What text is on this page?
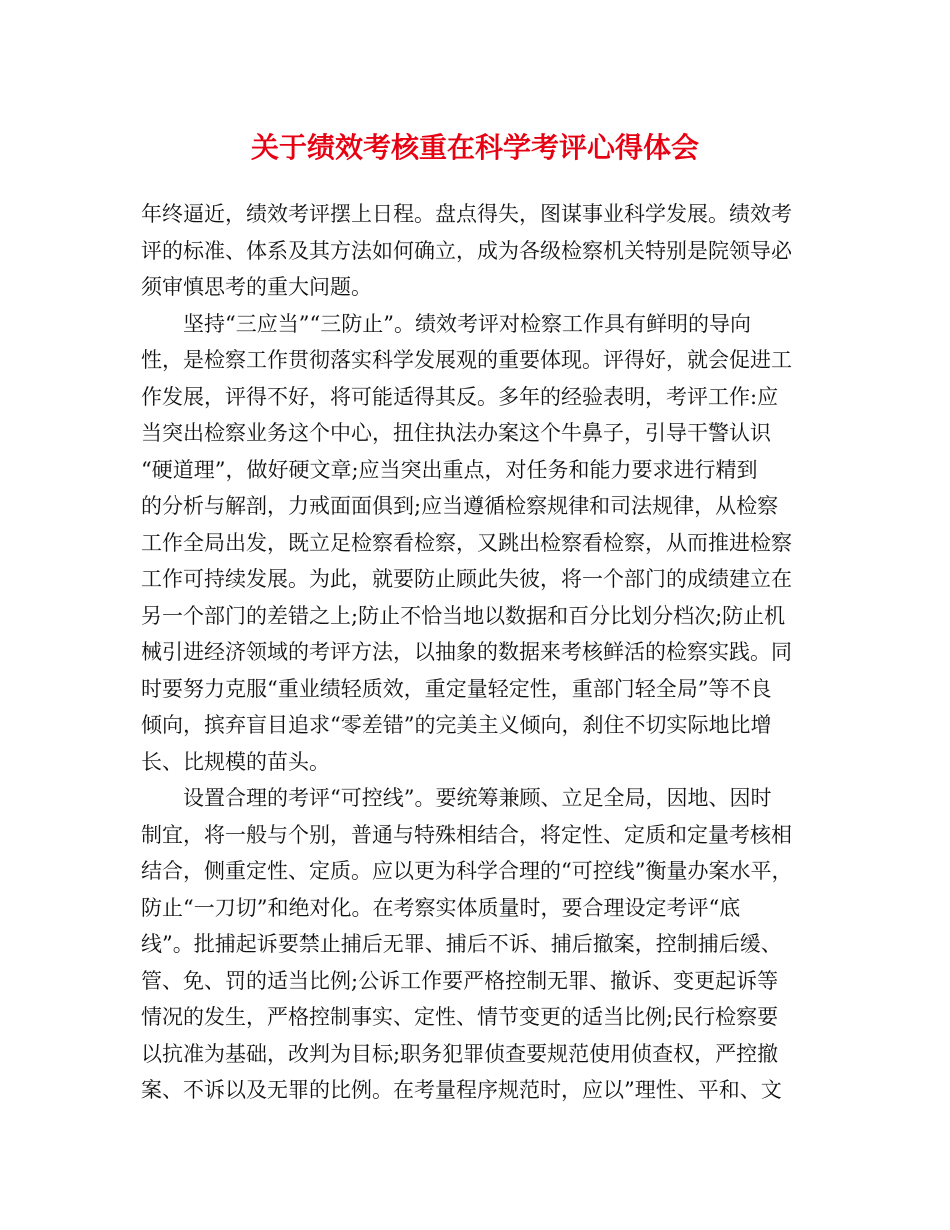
关于绩效考核重在科学考评心得体会
年终逼近，绩效考评摆上日程。盘点得失，图谋事业科学发展。绩效考
评的标准、体系及其方法如何确立，成为各级检察机关特别是院领导必
须审慎思考的重大问题。
　　坚持“三应当”“三防止”。绩效考评对检察工作具有鲜明的导向
性，是检察工作贯彻落实科学发展观的重要体现。评得好，就会促进工
作发展，评得不好，将可能适得其反。多年的经验表明，考评工作:应
当突出检察业务这个中心，扭住执法办案这个牛鼻子，引导干警认识
“硬道理”，做好硬文章;应当突出重点，对任务和能力要求进行精到
的分析与解剖，力戒面面俱到;应当遵循检察规律和司法规律，从检察
工作全局出发，既立足检察看检察，又跳出检察看检察，从而推进检察
工作可持续发展。为此，就要防止顾此失彼，将一个部门的成绩建立在
另一个部门的差错之上;防止不恰当地以数据和百分比划分档次;防止机
械引进经济领域的考评方法，以抽象的数据来考核鲜活的检察实践。同
时要努力克服“重业绩轻质效，重定量轻定性，重部门轻全局”等不良
倾向，摈弃盲目追求“零差错”的完美主义倾向，刹住不切实际地比增
长、比规模的苗头。
　　设置合理的考评“可控线”。要统筹兼顾、立足全局，因地、因时
制宜，将一般与个别，普通与特殊相结合，将定性、定质和定量考核相
结合，侧重定性、定质。应以更为科学合理的“可控线”衡量办案水平，
防止“一刀切”和绝对化。在考察实体质量时，要合理设定考评“底
线”。批捕起诉要禁止捕后无罪、捕后不诉、捕后撤案，控制捕后缓、
管、免、罚的适当比例;公诉工作要严格控制无罪、撤诉、变更起诉等
情况的发生，严格控制事实、定性、情节变更的适当比例;民行检察要
以抗准为基础，改判为目标;职务犯罪侦查要规范使用侦查权，严控撤
案、不诉以及无罪的比例。在考量程序规范时，应以”理性、平和、文
